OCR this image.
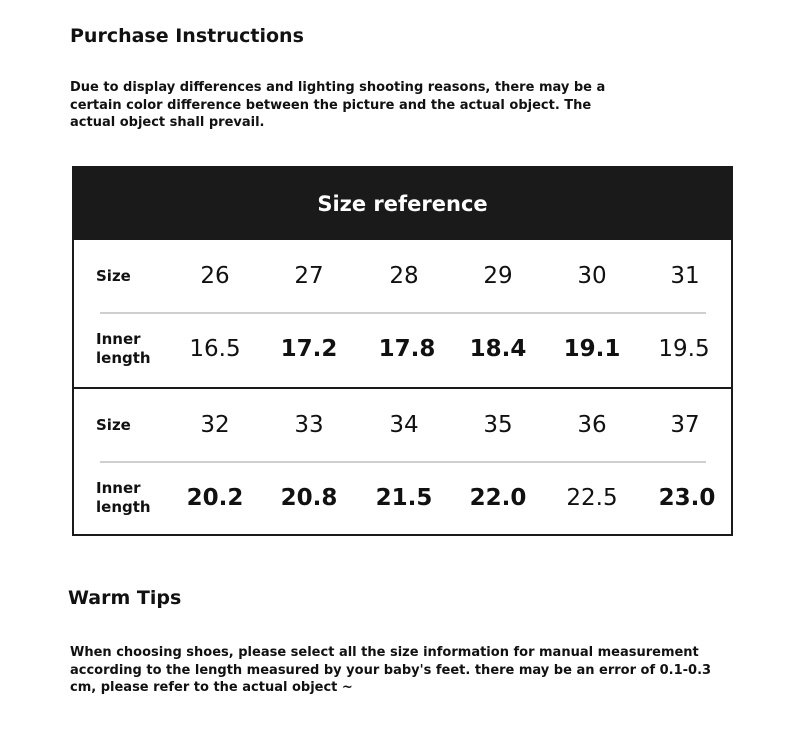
Purchase Instructions
Due to display differences and lighting shooting reasons, there may be a certain color difference between the picture and the actual object. The actual object shall prevail.
Size reference
Size	26	27	28	29	30	31
Inner length	16.5	17.2	17.8	18.4	19.1	19.5
Size	32	33	34	35	36	37
Inner length	20.2	20.8	21.5	22.0	22.5	23.0
Warm Tips
When choosing shoes, please select all the size information for manual measurement according to the length measured by your baby's feet. there may be an error of 0.1-0.3 cm, please refer to the actual object ~
